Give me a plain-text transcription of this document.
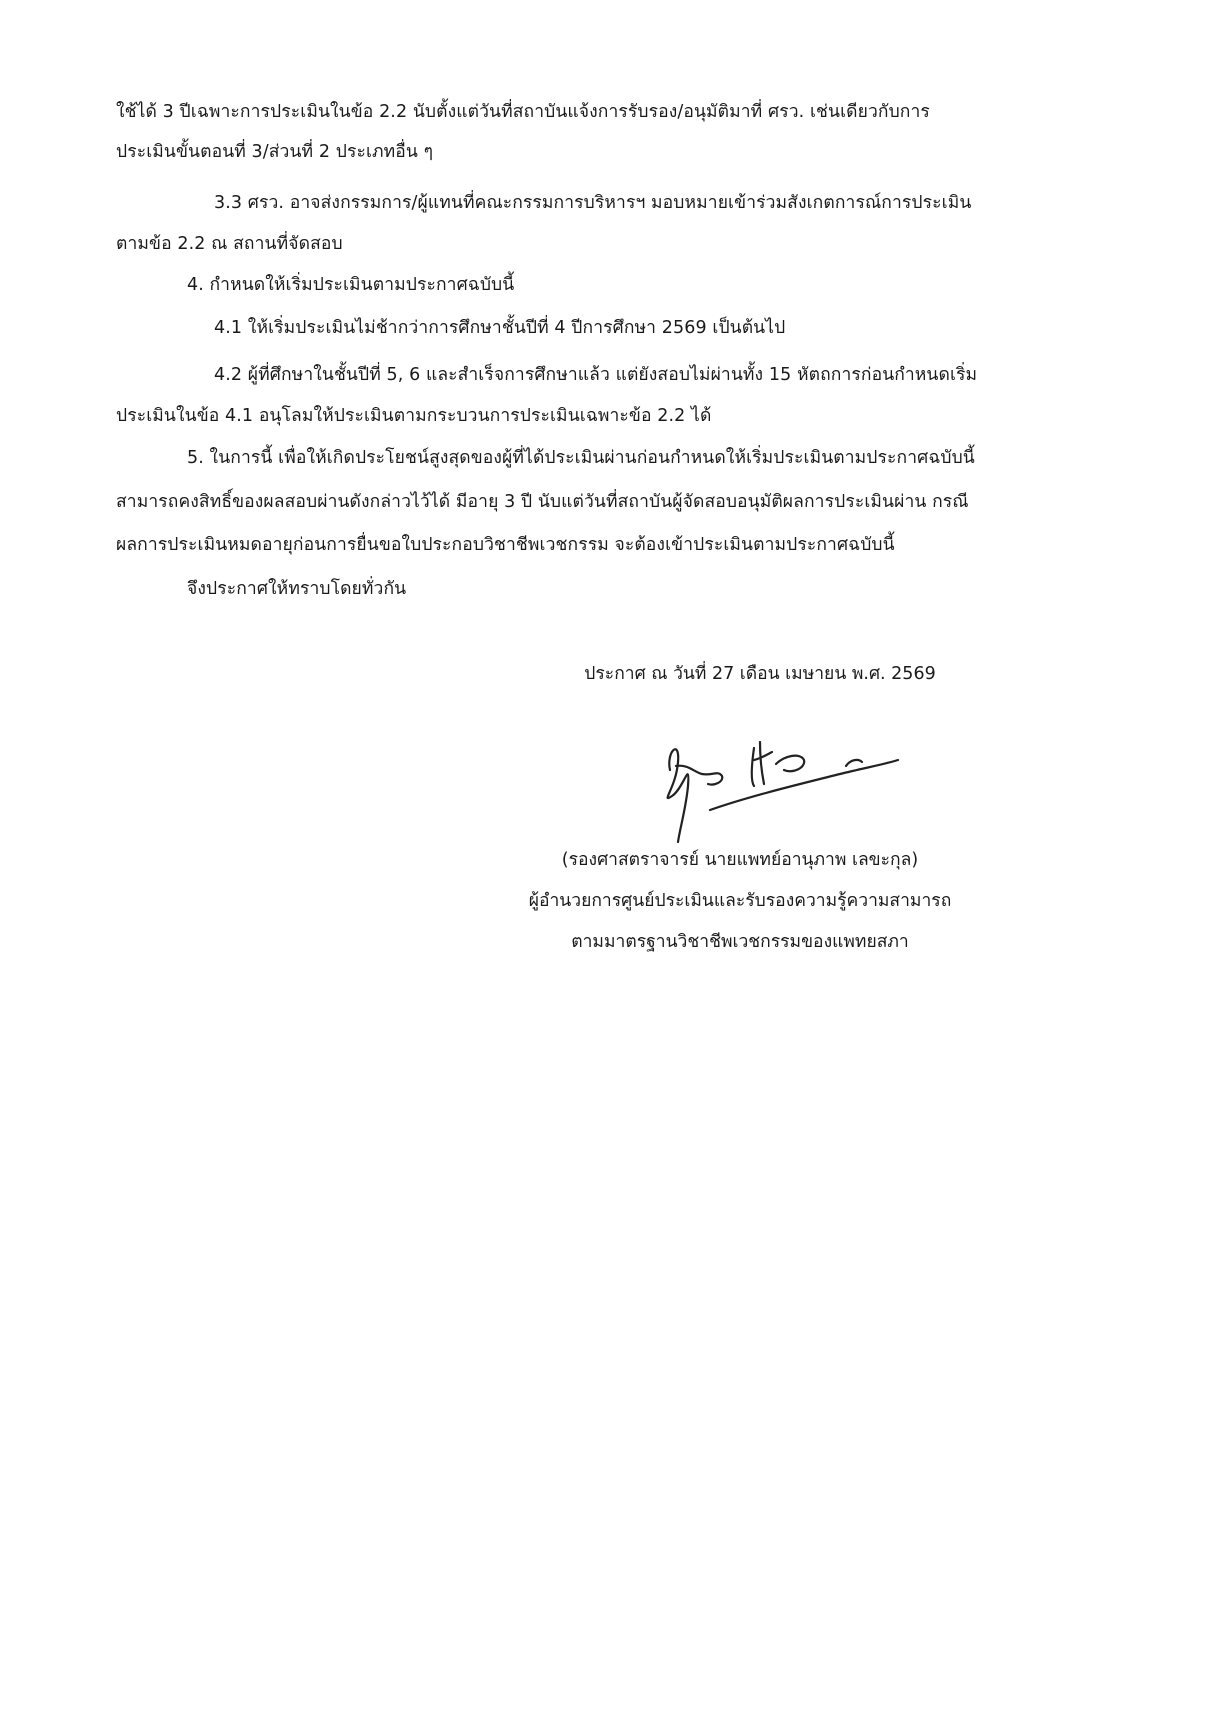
ใช้ได้ 3 ปีเฉพาะการประเมินในข้อ 2.2 นับตั้งแต่วันที่สถาบันแจ้งการรับรอง/อนุมัติมาที่ ศรว. เช่นเดียวกับการ
ประเมินขั้นตอนที่ 3/ส่วนที่ 2 ประเภทอื่น ๆ
3.3 ศรว. อาจส่งกรรมการ/ผู้แทนที่คณะกรรมการบริหารฯ มอบหมายเข้าร่วมสังเกตการณ์การประเมิน
ตามข้อ 2.2 ณ สถานที่จัดสอบ
4. กำหนดให้เริ่มประเมินตามประกาศฉบับนี้
4.1 ให้เริ่มประเมินไม่ช้ากว่าการศึกษาชั้นปีที่ 4 ปีการศึกษา 2569 เป็นต้นไป
4.2 ผู้ที่ศึกษาในชั้นปีที่ 5, 6 และสำเร็จการศึกษาแล้ว แต่ยังสอบไม่ผ่านทั้ง 15 หัตถการก่อนกำหนดเริ่ม
ประเมินในข้อ 4.1 อนุโลมให้ประเมินตามกระบวนการประเมินเฉพาะข้อ 2.2 ได้
5. ในการนี้ เพื่อให้เกิดประโยชน์สูงสุดของผู้ที่ได้ประเมินผ่านก่อนกำหนดให้เริ่มประเมินตามประกาศฉบับนี้
สามารถคงสิทธิ์ของผลสอบผ่านดังกล่าวไว้ได้ มีอายุ 3 ปี นับแต่วันที่สถาบันผู้จัดสอบอนุมัติผลการประเมินผ่าน กรณี
ผลการประเมินหมดอายุก่อนการยื่นขอใบประกอบวิชาชีพเวชกรรม จะต้องเข้าประเมินตามประกาศฉบับนี้
จึงประกาศให้ทราบโดยทั่วกัน
ประกาศ ณ วันที่ 27 เดือน เมษายน พ.ศ. 2569
(รองศาสตราจารย์ นายแพทย์อานุภาพ เลขะกุล)
ผู้อำนวยการศูนย์ประเมินและรับรองความรู้ความสามารถ
ตามมาตรฐานวิชาชีพเวชกรรมของแพทยสภา
